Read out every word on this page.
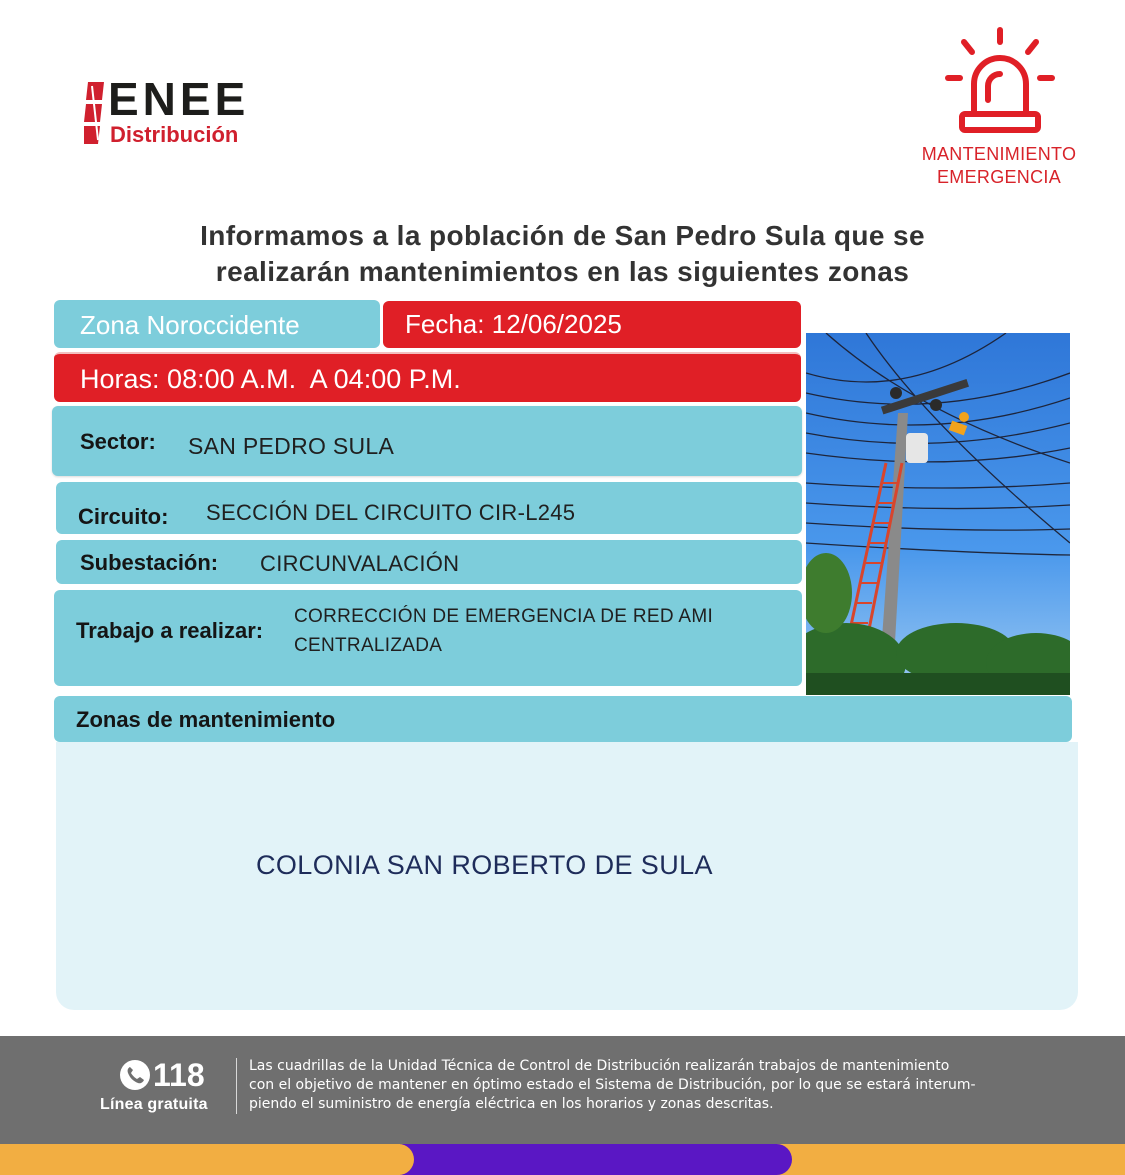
ENEE
Distribución
MANTENIMIENTO
EMERGENCIA
Informamos a la población de San Pedro Sula que se
realizarán mantenimientos en las siguientes zonas
Zona Noroccidente	Fecha: 12/06/2025
Horas: 08:00 A.M.  A 04:00 P.M.
Sector: SAN PEDRO SULA
Circuito: SECCIÓN DEL CIRCUITO CIR-L245
Subestación: CIRCUNVALACIÓN
Trabajo a realizar:
CORRECCIÓN DE EMERGENCIA DE RED AMI
CENTRALIZADA
Zonas de mantenimiento
COLONIA SAN ROBERTO DE SULA
118
Línea gratuita
Las cuadrillas de la Unidad Técnica de Control de Distribución realizarán trabajos de mantenimiento
con el objetivo de mantener en óptimo estado el Sistema de Distribución, por lo que se estará interum-
piendo el suministro de energía eléctrica en los horarios y zonas descritas.
